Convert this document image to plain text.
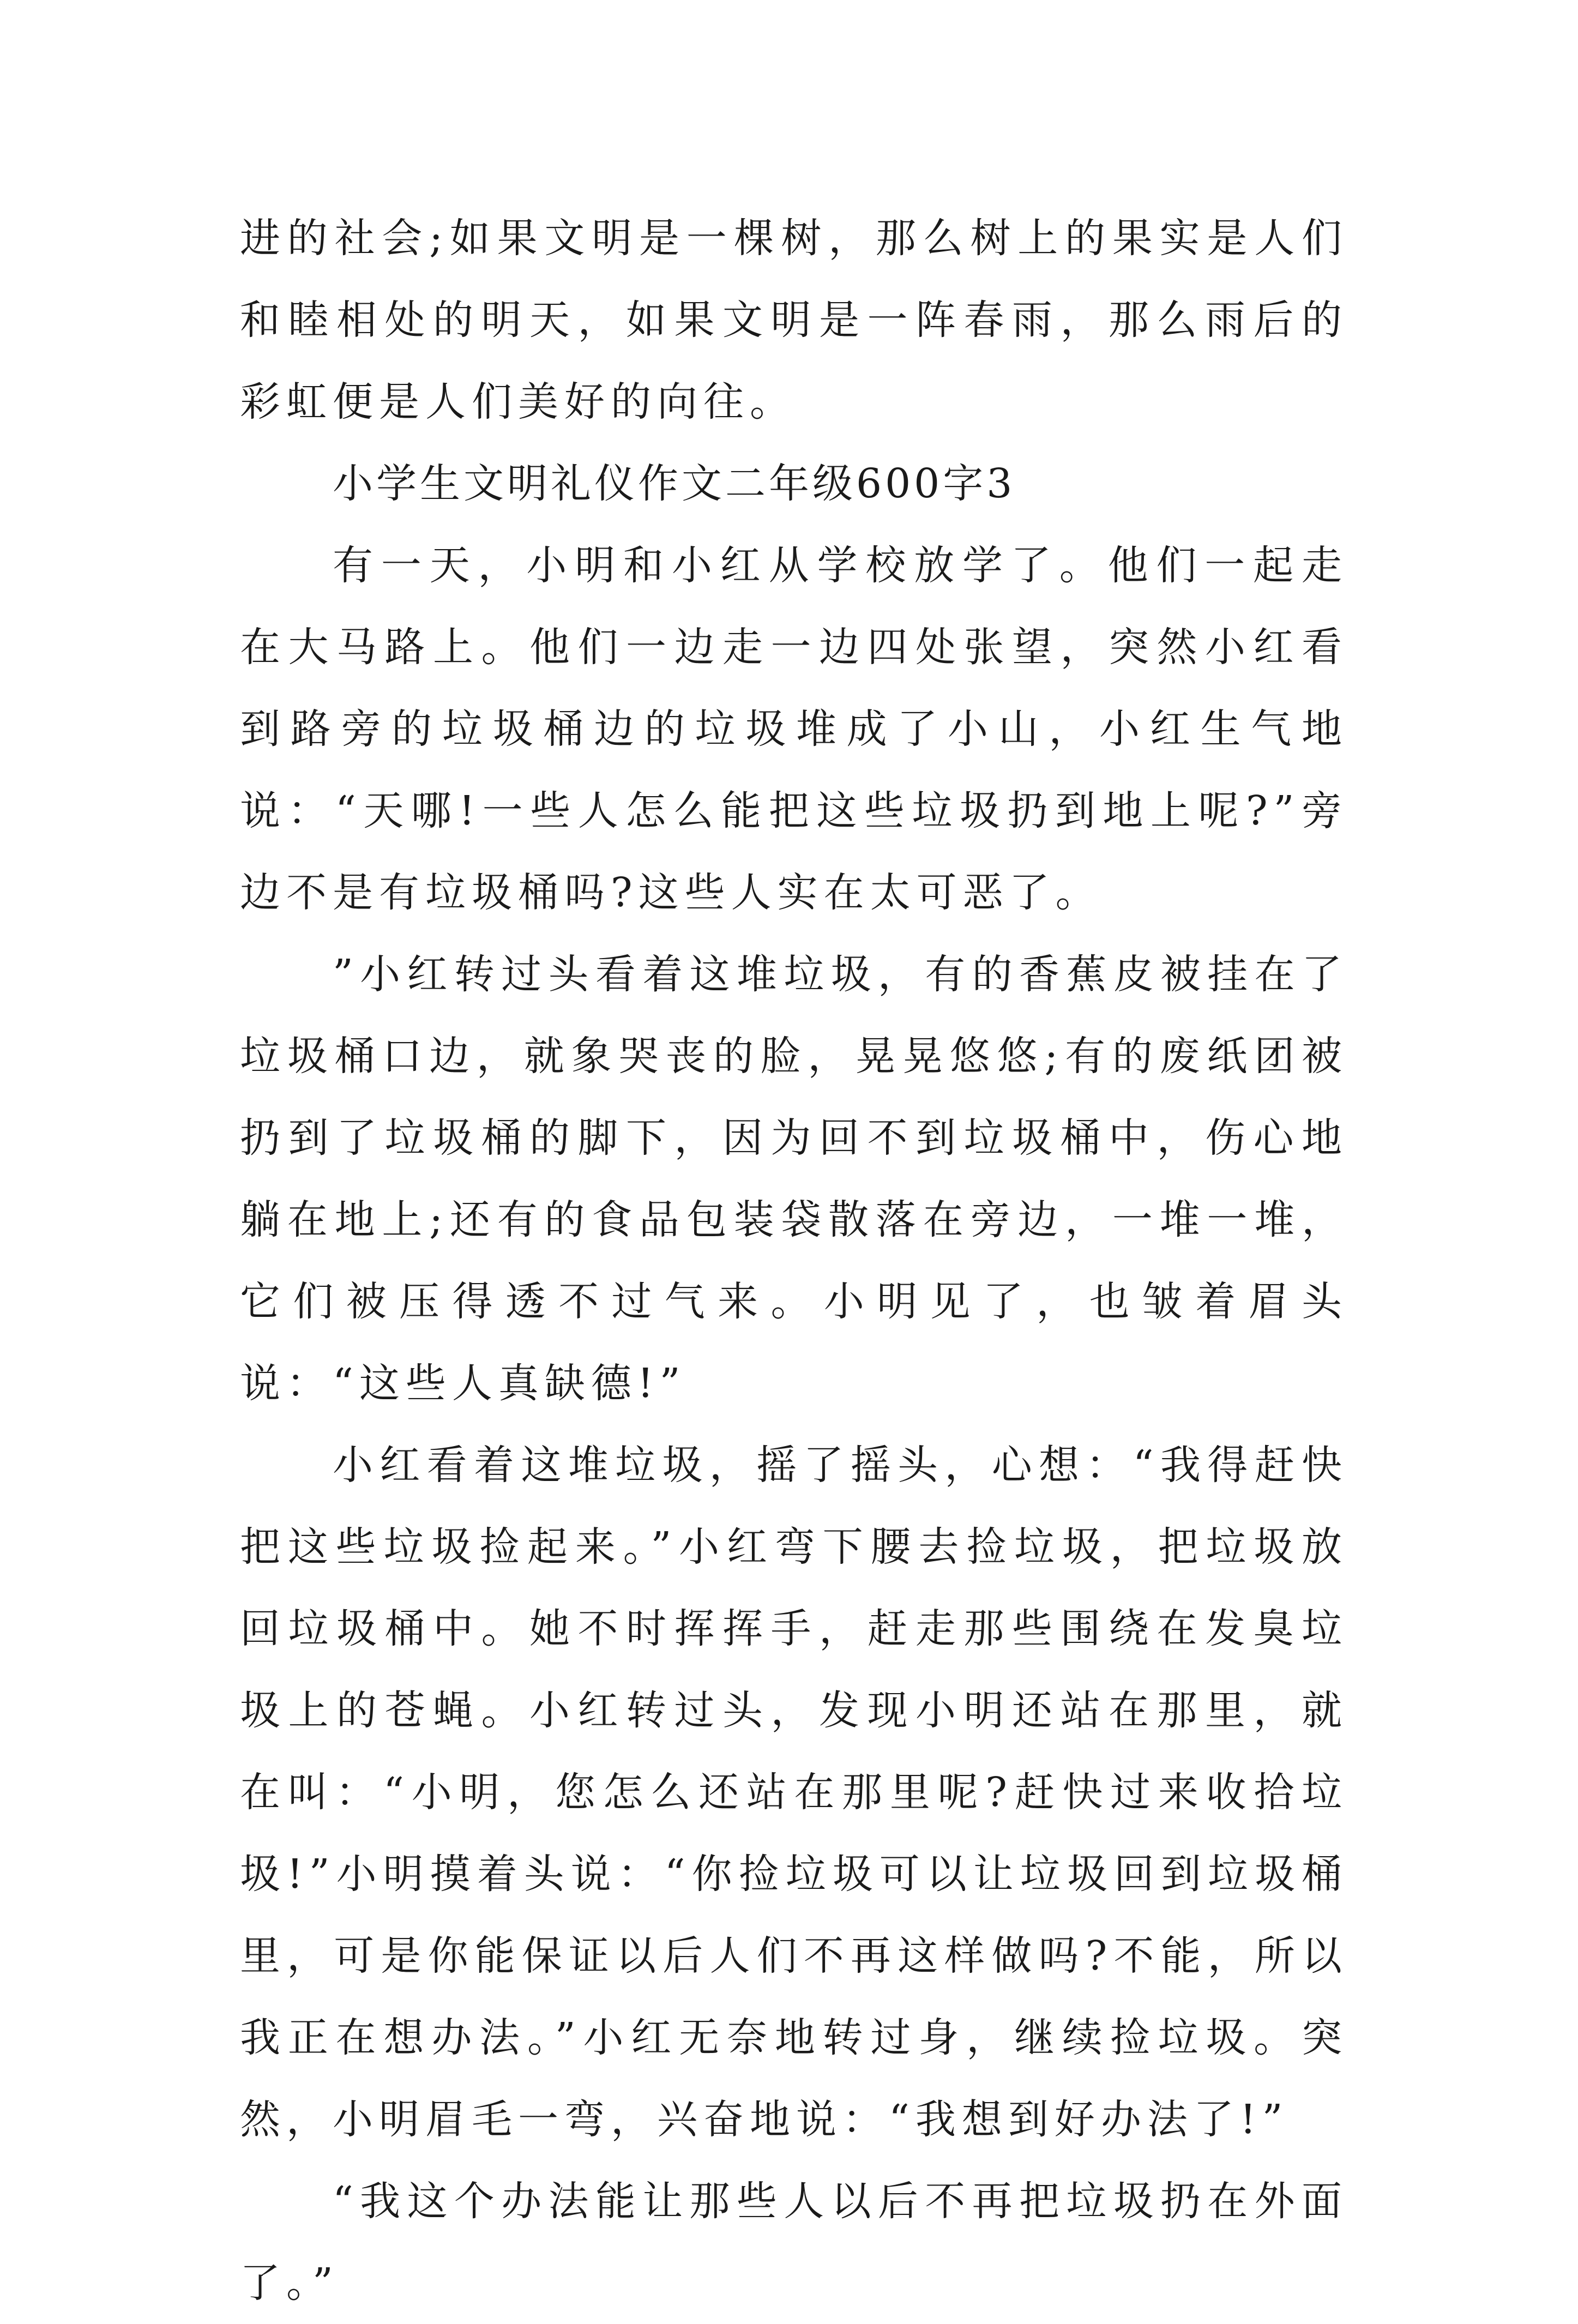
进的社会;如果文明是一棵树，那么树上的果实是人们和睦相处的明天，如果文明是一阵春雨，那么雨后的彩虹便是人们美好的向往。

小学生文明礼仪作文二年级600字3

有一天，小明和小红从学校放学了。他们一起走在大马路上。他们一边走一边四处张望，突然小红看到路旁的垃圾桶边的垃圾堆成了小山，小红生气地说：“天哪!一些人怎么能把这些垃圾扔到地上呢?”旁边不是有垃圾桶吗?这些人实在太可恶了。

”小红转过头看着这堆垃圾，有的香蕉皮被挂在了垃圾桶口边，就象哭丧的脸，晃晃悠悠;有的废纸团被扔到了垃圾桶的脚下，因为回不到垃圾桶中，伤心地躺在地上;还有的食品包装袋散落在旁边，一堆一堆，它们被压得透不过气来。小明见了，也皱着眉头说：“这些人真缺德!”

小红看着这堆垃圾，摇了摇头，心想：“我得赶快把这些垃圾捡起来。”小红弯下腰去捡垃圾，把垃圾放回垃圾桶中。她不时挥挥手，赶走那些围绕在发臭垃圾上的苍蝇。小红转过头，发现小明还站在那里，就在叫：“小明，您怎么还站在那里呢?赶快过来收拾垃圾!”小明摸着头说：“你捡垃圾可以让垃圾回到垃圾桶里，可是你能保证以后人们不再这样做吗?不能，所以我正在想办法。”小红无奈地转过身，继续捡垃圾。突然，小明眉毛一弯，兴奋地说：“我想到好办法了!”

“我这个办法能让那些人以后不再把垃圾扔在外面了。”
